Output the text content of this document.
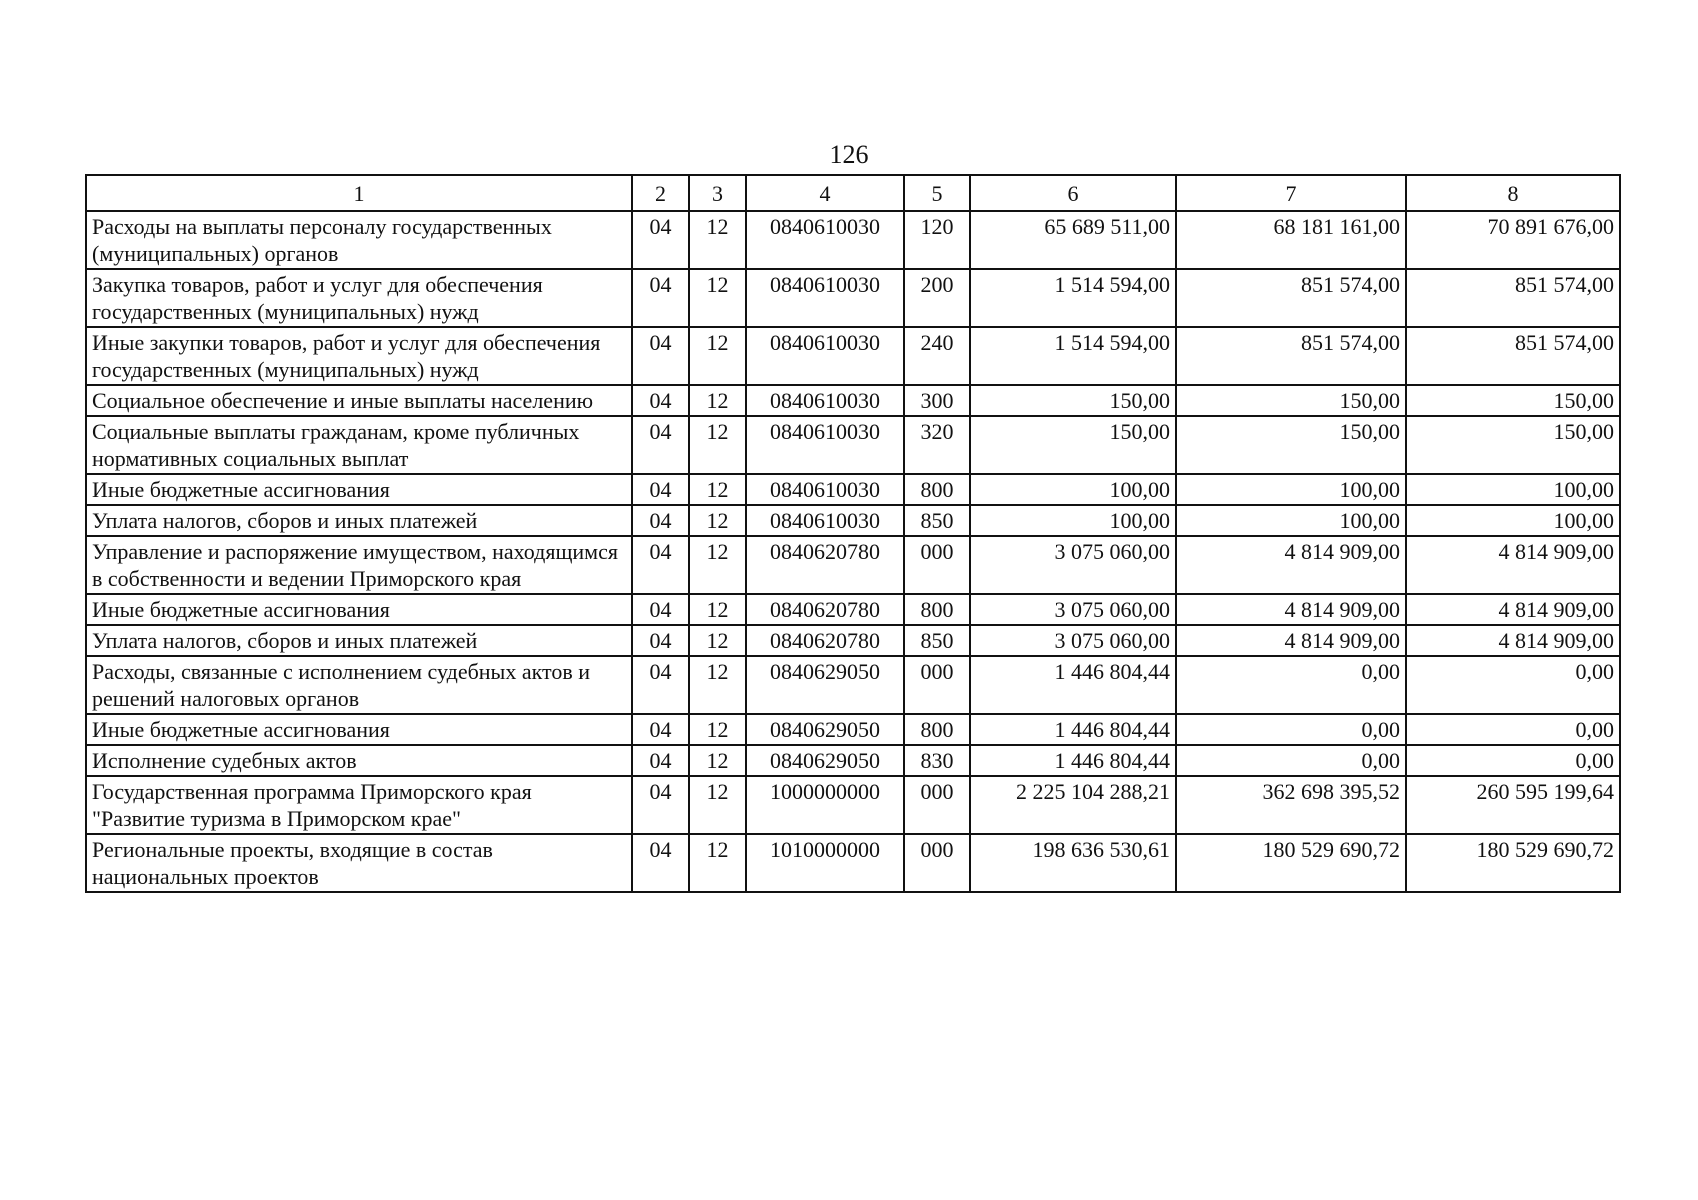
126
1	2	3	4	5	6	7	8
Расходы на выплаты персоналу государственных (муниципальных) органов	04	12	0840610030	120	65 689 511,00	68 181 161,00	70 891 676,00
Закупка товаров, работ и услуг для обеспечения государственных (муниципальных) нужд	04	12	0840610030	200	1 514 594,00	851 574,00	851 574,00
Иные закупки товаров, работ и услуг для обеспечения государственных (муниципальных) нужд	04	12	0840610030	240	1 514 594,00	851 574,00	851 574,00
Социальное обеспечение и иные выплаты населению	04	12	0840610030	300	150,00	150,00	150,00
Социальные выплаты гражданам, кроме публичных нормативных социальных выплат	04	12	0840610030	320	150,00	150,00	150,00
Иные бюджетные ассигнования	04	12	0840610030	800	100,00	100,00	100,00
Уплата налогов, сборов и иных платежей	04	12	0840610030	850	100,00	100,00	100,00
Управление и распоряжение имуществом, находящимся в собственности и ведении Приморского края	04	12	0840620780	000	3 075 060,00	4 814 909,00	4 814 909,00
Иные бюджетные ассигнования	04	12	0840620780	800	3 075 060,00	4 814 909,00	4 814 909,00
Уплата налогов, сборов и иных платежей	04	12	0840620780	850	3 075 060,00	4 814 909,00	4 814 909,00
Расходы, связанные с исполнением судебных актов и решений налоговых органов	04	12	0840629050	000	1 446 804,44	0,00	0,00
Иные бюджетные ассигнования	04	12	0840629050	800	1 446 804,44	0,00	0,00
Исполнение судебных актов	04	12	0840629050	830	1 446 804,44	0,00	0,00
Государственная программа Приморского края "Развитие туризма в Приморском крае"	04	12	1000000000	000	2 225 104 288,21	362 698 395,52	260 595 199,64
Региональные проекты, входящие в состав национальных проектов	04	12	1010000000	000	198 636 530,61	180 529 690,72	180 529 690,72
